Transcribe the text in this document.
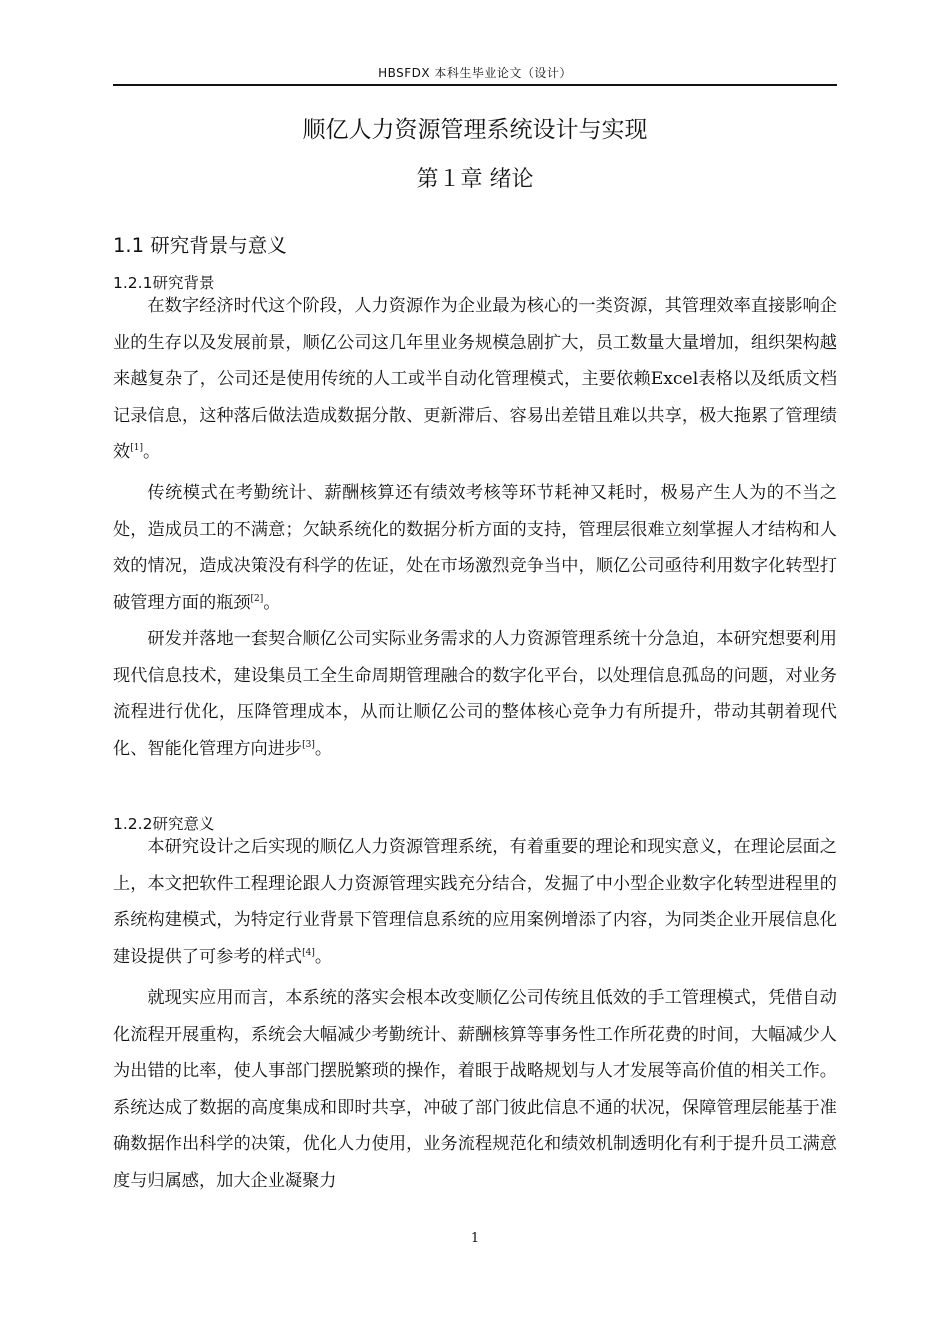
HBSFDX 本科生毕业论文（设计）
顺亿人力资源管理系统设计与实现
第１章 绪论
1.1 研究背景与意义
1.2.1研究背景

在数字经济时代这个阶段，人力资源作为企业最为核心的一类资源，其管理效率直接影响企业的生存以及发展前景，顺亿公司这几年里业务规模急剧扩大，员工数量大量增加，组织架构越来越复杂了，公司还是使用传统的人工或半自动化管理模式，主要依赖Excel表格以及纸质文档记录信息，这种落后做法造成数据分散、更新滞后、容易出差错且难以共享，极大拖累了管理绩效[1]。

传统模式在考勤统计、薪酬核算还有绩效考核等环节耗神又耗时，极易产生人为的不当之处，造成员工的不满意；欠缺系统化的数据分析方面的支持，管理层很难立刻掌握人才结构和人效的情况，造成决策没有科学的佐证，处在市场激烈竞争当中，顺亿公司亟待利用数字化转型打破管理方面的瓶颈[2]。

研发并落地一套契合顺亿公司实际业务需求的人力资源管理系统十分急迫，本研究想要利用现代信息技术，建设集员工全生命周期管理融合的数字化平台，以处理信息孤岛的问题，对业务流程进行优化，压降管理成本，从而让顺亿公司的整体核心竞争力有所提升，带动其朝着现代化、智能化管理方向进步[3]。

1.2.2研究意义

本研究设计之后实现的顺亿人力资源管理系统，有着重要的理论和现实意义，在理论层面之上，本文把软件工程理论跟人力资源管理实践充分结合，发掘了中小型企业数字化转型进程里的系统构建模式，为特定行业背景下管理信息系统的应用案例增添了内容，为同类企业开展信息化建设提供了可参考的样式[4]。

就现实应用而言，本系统的落实会根本改变顺亿公司传统且低效的手工管理模式，凭借自动化流程开展重构，系统会大幅减少考勤统计、薪酬核算等事务性工作所花费的时间，大幅减少人为出错的比率，使人事部门摆脱繁琐的操作，着眼于战略规划与人才发展等高价值的相关工作。系统达成了数据的高度集成和即时共享，冲破了部门彼此信息不通的状况，保障管理层能基于准确数据作出科学的决策，优化人力使用，业务流程规范化和绩效机制透明化有利于提升员工满意度与归属感，加大企业凝聚力

1
